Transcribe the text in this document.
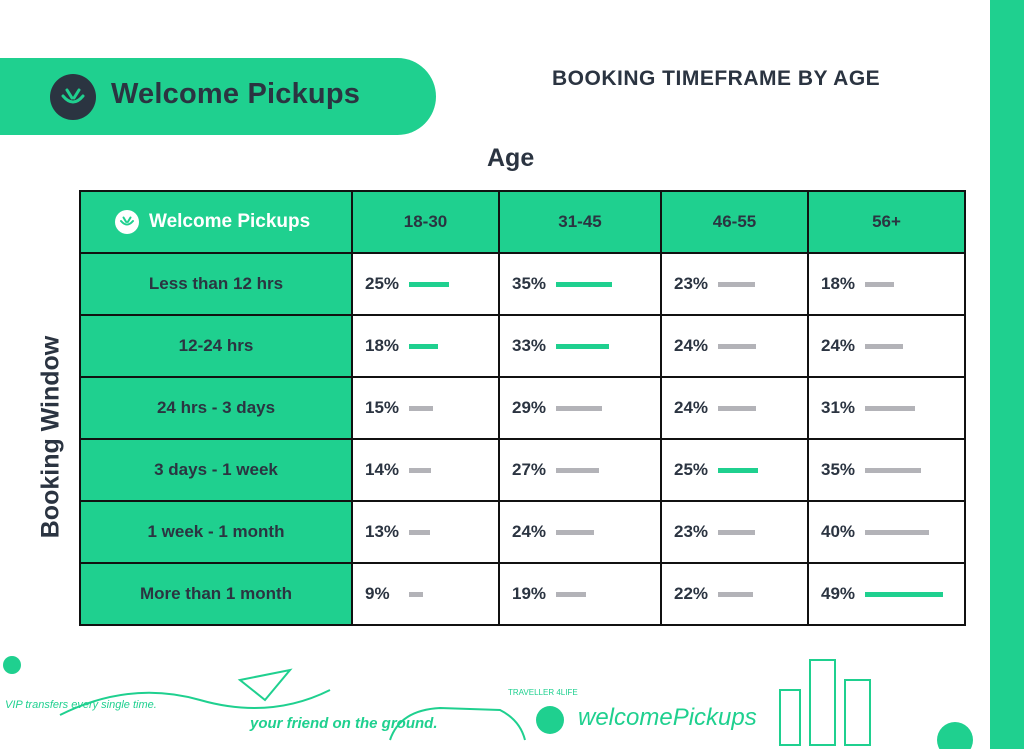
Welcome Pickups	BOOKING TIMEFRAME BY AGE
Age
Booking Window
Welcome Pickups	18-30	31-45	46-55	56+
Less than 12 hrs	25%	35%	23%	18%

12-24 hrs	18%	33%	24%	24%

24 hrs - 3 days	15%	29%	24%	31%

3 days - 1 week	14%	27%	25%	35%

1 week - 1 month	13%	24%	23%	40%

More than 1 month	9%	19%	22%	49%
VIP transfers every single time.
your friend on the ground.
TRAVELLER 4LIFE
welcomePickups
